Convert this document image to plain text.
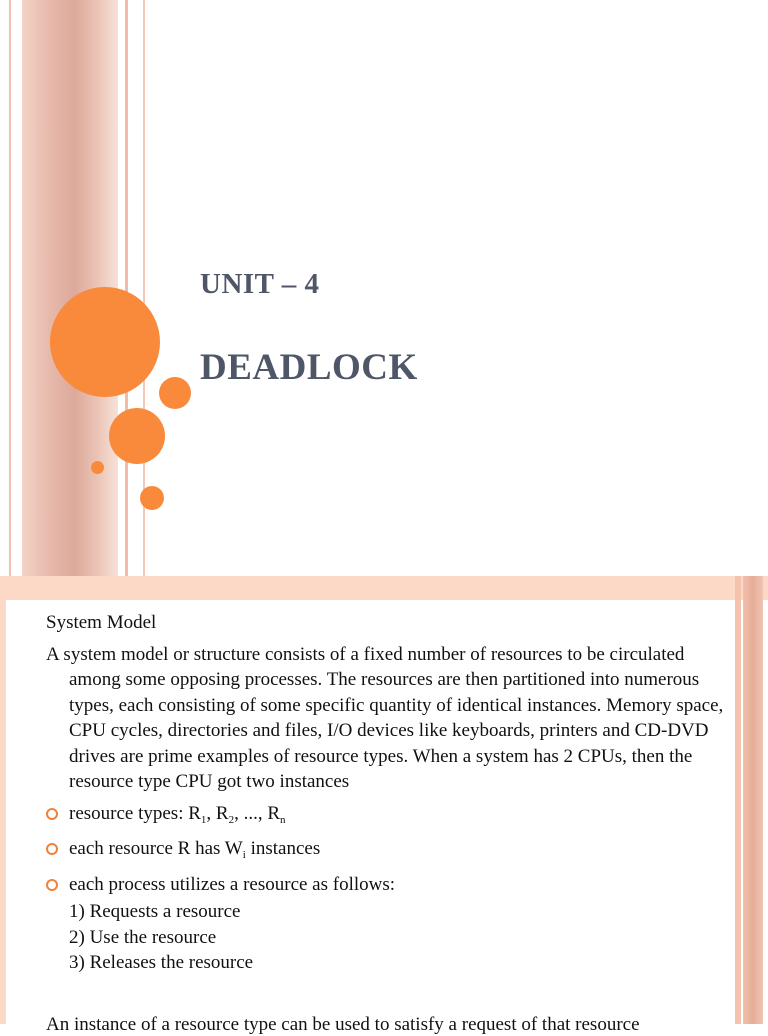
UNIT – 4
DEADLOCK

System Model

A system model or structure consists of a fixed number of resources to be circulated among some opposing processes. The resources are then partitioned into numerous types, each consisting of some specific quantity of identical instances. Memory space, CPU cycles, directories and files, I/O devices like keyboards, printers and CD-DVD drives are prime examples of resource types. When a system has 2 CPUs, then the resource type CPU got two instances

resource types: $R_1$, $R_2$, ..., $R_n$
each resource R has $W_i$ instances
each process utilizes a resource as follows:
1) Requests a resource
2) Use the resource
3) Releases the resource
An instance of a resource type can be used to satisfy a request of that resource
